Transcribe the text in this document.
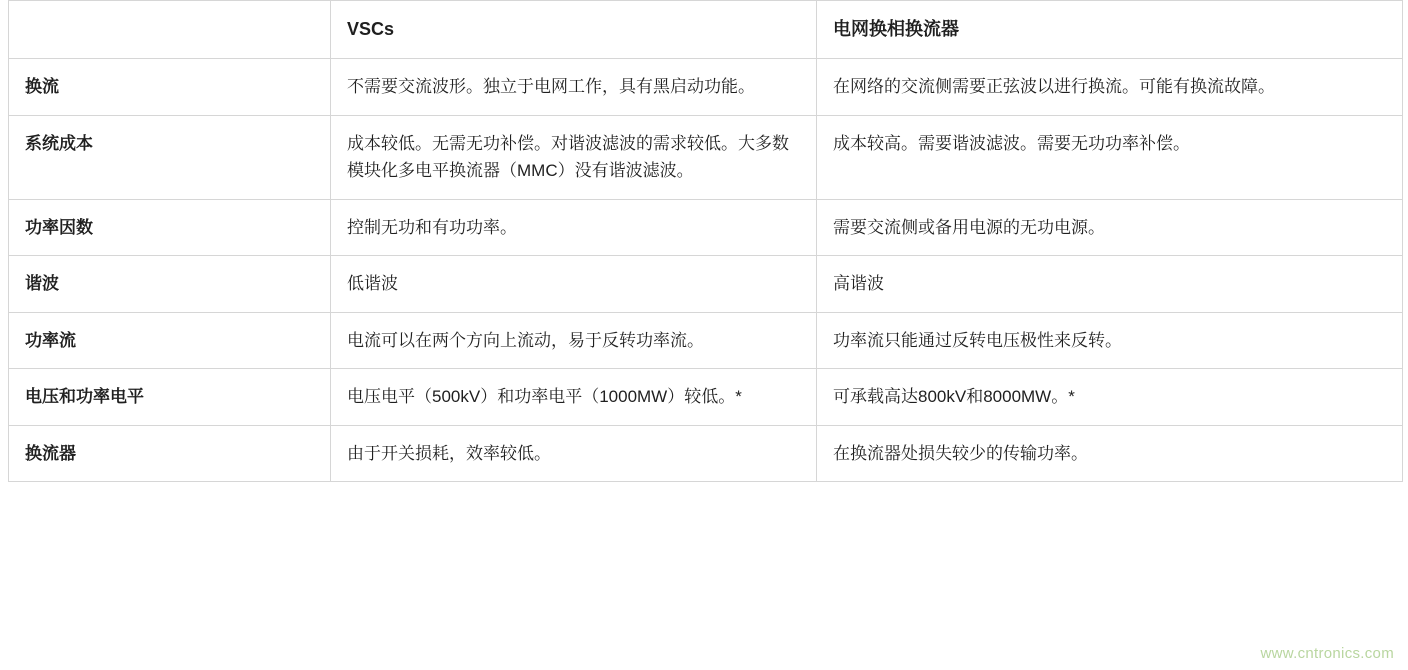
	VSCs	电网换相换流器
换流	不需要交流波形。独立于电网工作，具有黑启动功能。	在网络的交流侧需要正弦波以进行换流。可能有换流故障。

系统成本	成本较低。无需无功补偿。对谐波滤波的需求较低。大多数模块化多电平换流器（MMC）没有谐波滤波。	成本较高。需要谐波滤波。需要无功功率补偿。

功率因数	控制无功和有功功率。	需要交流侧或备用电源的无功电源。

谐波	低谐波	高谐波

功率流	电流可以在两个方向上流动，易于反转功率流。	功率流只能通过反转电压极性来反转。

电压和功率电平	电压电平（500kV）和功率电平（1000MW）较低。*	可承载高达800kV和8000MW。*

换流器	由于开关损耗，效率较低。	在换流器处损失较少的传输功率。
www.cntronics.com
